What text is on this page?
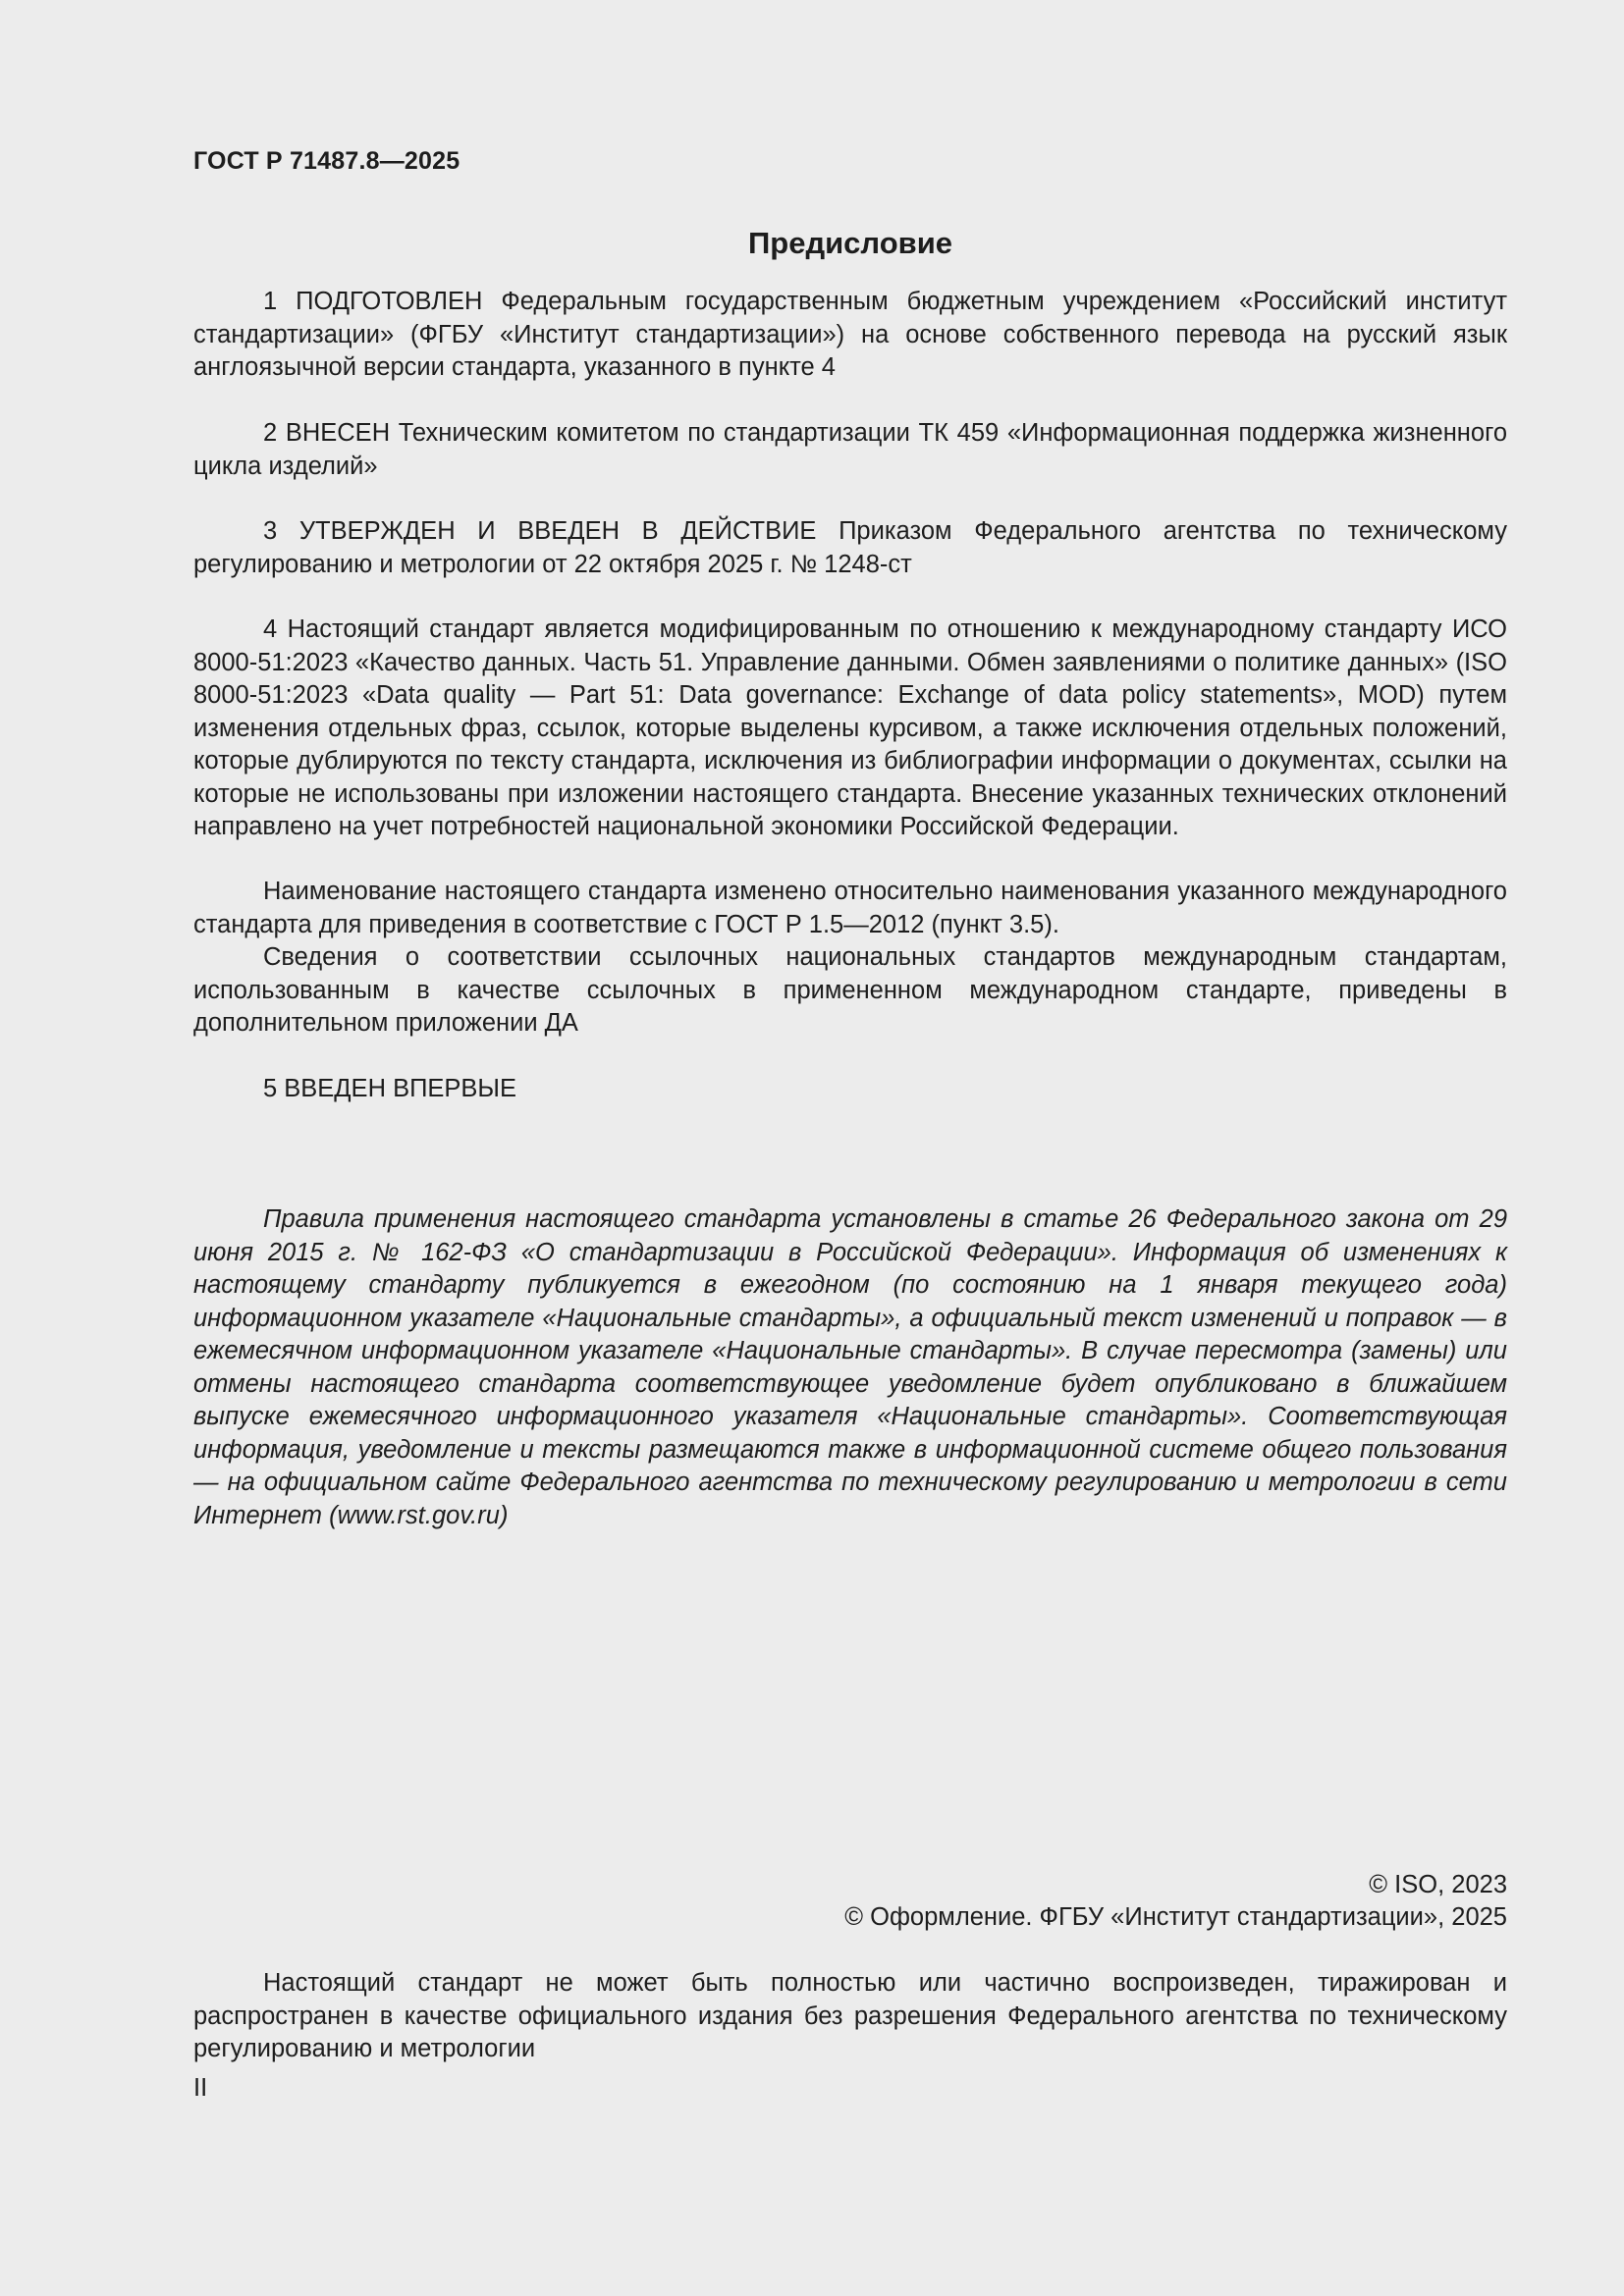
ГОСТ Р 71487.8—2025
Предисловие

1 ПОДГОТОВЛЕН Федеральным государственным бюджетным учреждением «Российский институт стандартизации» (ФГБУ «Институт стандартизации») на основе собственного перевода на русский язык англоязычной версии стандарта, указанного в пункте 4

2 ВНЕСЕН Техническим комитетом по стандартизации ТК 459 «Информационная поддержка жизненного цикла изделий»

3 УТВЕРЖДЕН И ВВЕДЕН В ДЕЙСТВИЕ Приказом Федерального агентства по техническому регулированию и метрологии от 22 октября 2025 г. № 1248-ст

4 Настоящий стандарт является модифицированным по отношению к международному стандарту ИСО 8000-51:2023 «Качество данных. Часть 51. Управление данными. Обмен заявлениями о политике данных» (ISO 8000-51:2023 «Data quality — Part 51: Data governance: Exchange of data policy statements», MOD) путем изменения отдельных фраз, ссылок, которые выделены курсивом, а также исключения отдельных положений, которые дублируются по тексту стандарта, исключения из библиографии информации о документах, ссылки на которые не использованы при изложении настоящего стандарта. Внесение указанных технических отклонений направлено на учет потребностей национальной экономики Российской Федерации.

Наименование настоящего стандарта изменено относительно наименования указанного международного стандарта для приведения в соответствие с ГОСТ Р 1.5—2012 (пункт 3.5).

Сведения о соответствии ссылочных национальных стандартов международным стандартам, использованным в качестве ссылочных в примененном международном стандарте, приведены в дополнительном приложении ДА

5 ВВЕДЕН ВПЕРВЫЕ

Правила применения настоящего стандарта установлены в статье 26 Федерального закона от 29 июня 2015 г. № 162-ФЗ «О стандартизации в Российской Федерации». Информация об изменениях к настоящему стандарту публикуется в ежегодном (по состоянию на 1 января текущего года) информационном указателе «Национальные стандарты», а официальный текст изменений и поправок — в ежемесячном информационном указателе «Национальные стандарты». В случае пересмотра (замены) или отмены настоящего стандарта соответствующее уведомление будет опубликовано в ближайшем выпуске ежемесячного информационного указателя «Национальные стандарты». Соответствующая информация, уведомление и тексты размещаются также в информационной системе общего пользования — на официальном сайте Федерального агентства по техническому регулированию и метрологии в сети Интернет (www.rst.gov.ru)

© ISO, 2023
© Оформление. ФГБУ «Институт стандартизации», 2025

Настоящий стандарт не может быть полностью или частично воспроизведен, тиражирован и распространен в качестве официального издания без разрешения Федерального агентства по техническому регулированию и метрологии

II
